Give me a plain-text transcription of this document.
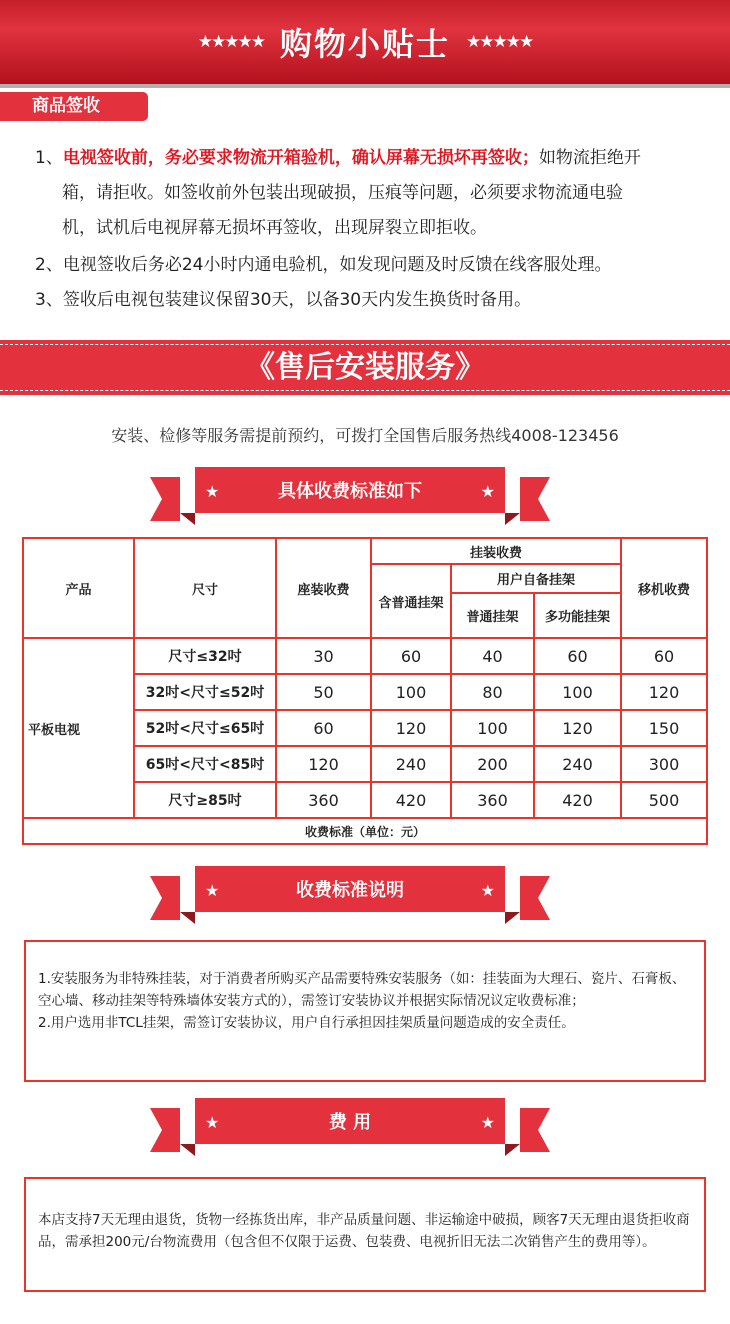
★★★★★ 购物小贴士 ★★★★★
商品签收
1、电视签收前，务必要求物流开箱验机，确认屏幕无损坏再签收；如物流拒绝开
箱，请拒收。如签收前外包装出现破损，压痕等问题，必须要求物流通电验
机，试机后电视屏幕无损坏再签收，出现屏裂立即拒收。
2、电视签收后务必24小时内通电验机，如发现问题及时反馈在线客服处理。
3、签收后电视包装建议保留30天，以备30天内发生换货时备用。
《售后安装服务》
安装、检修等服务需提前预约，可拨打全国售后服务热线4008-123456
★	具体收费标准如下	★
产品	尺寸	座装收费	挂装收费			移机收费
			含普通挂架	用户自备挂架		
				普通挂架	多功能挂架	
平板电视	尺寸≤32吋	30	60	40	60	60
	32吋<尺寸≤52吋	50	100	80	100	120
	52吋<尺寸≤65吋	60	120	100	120	150
	65吋<尺寸<85吋	120	240	200	240	300
	尺寸≥85吋	360	420	360	420	500
收费标准（单位：元）						
★	收费标准说明	★
1.安装服务为非特殊挂装，对于消费者所购买产品需要特殊安装服务（如：挂装面为大理石、瓷片、石膏板、空心墙、移动挂架等特殊墙体安装方式的），需签订安装协议并根据实际情况议定收费标准；
2.用户选用非TCL挂架，需签订安装协议，用户自行承担因挂架质量问题造成的安全责任。
★	费 用	★
本店支持7天无理由退货，货物一经拣货出库，非产品质量问题、非运输途中破损，顾客7天无理由退货拒收商品，需承担200元/台物流费用（包含但不仅限于运费、包装费、电视折旧无法二次销售产生的费用等）。
